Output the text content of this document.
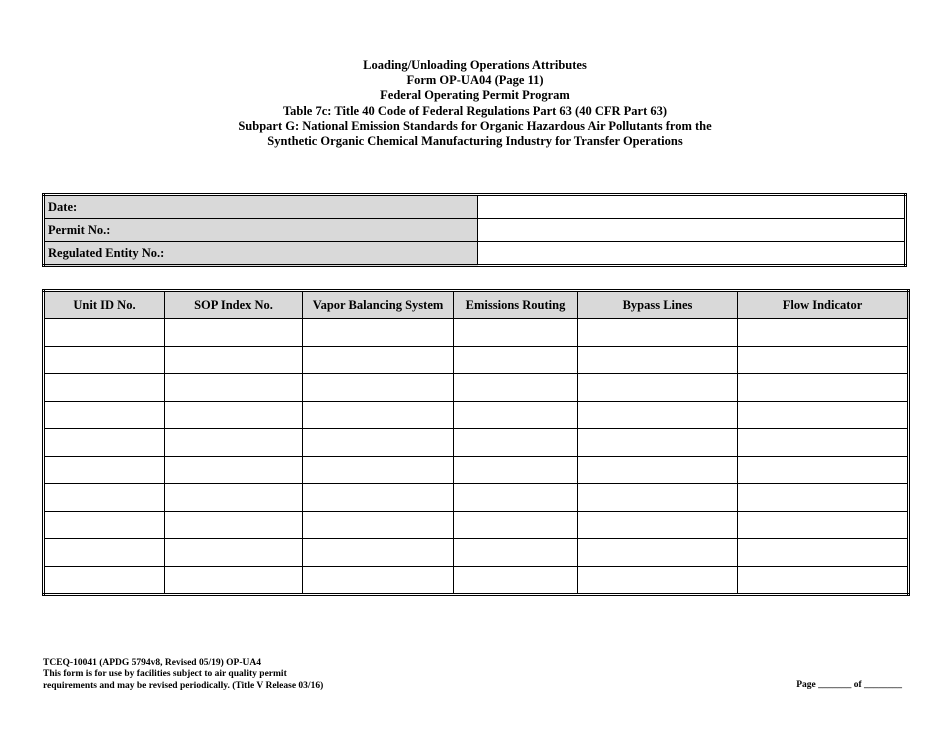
Loading/Unloading Operations Attributes
Form OP-UA04 (Page 11)
Federal Operating Permit Program
Table 7c: Title 40 Code of Federal Regulations Part 63 (40 CFR Part 63)
Subpart G: National Emission Standards for Organic Hazardous Air Pollutants from the
Synthetic Organic Chemical Manufacturing Industry for Transfer Operations
Date:	
Permit No.:	
Regulated Entity No.:	
Unit ID No.	SOP Index No.	Vapor Balancing System	Emissions Routing	Bypass Lines	Flow Indicator

TCEQ-10041 (APDG 5794v8, Revised 05/19) OP-UA4
This form is for use by facilities subject to air quality permit
requirements and may be revised periodically. (Title V Release 03/16)	Page _______ of ________
